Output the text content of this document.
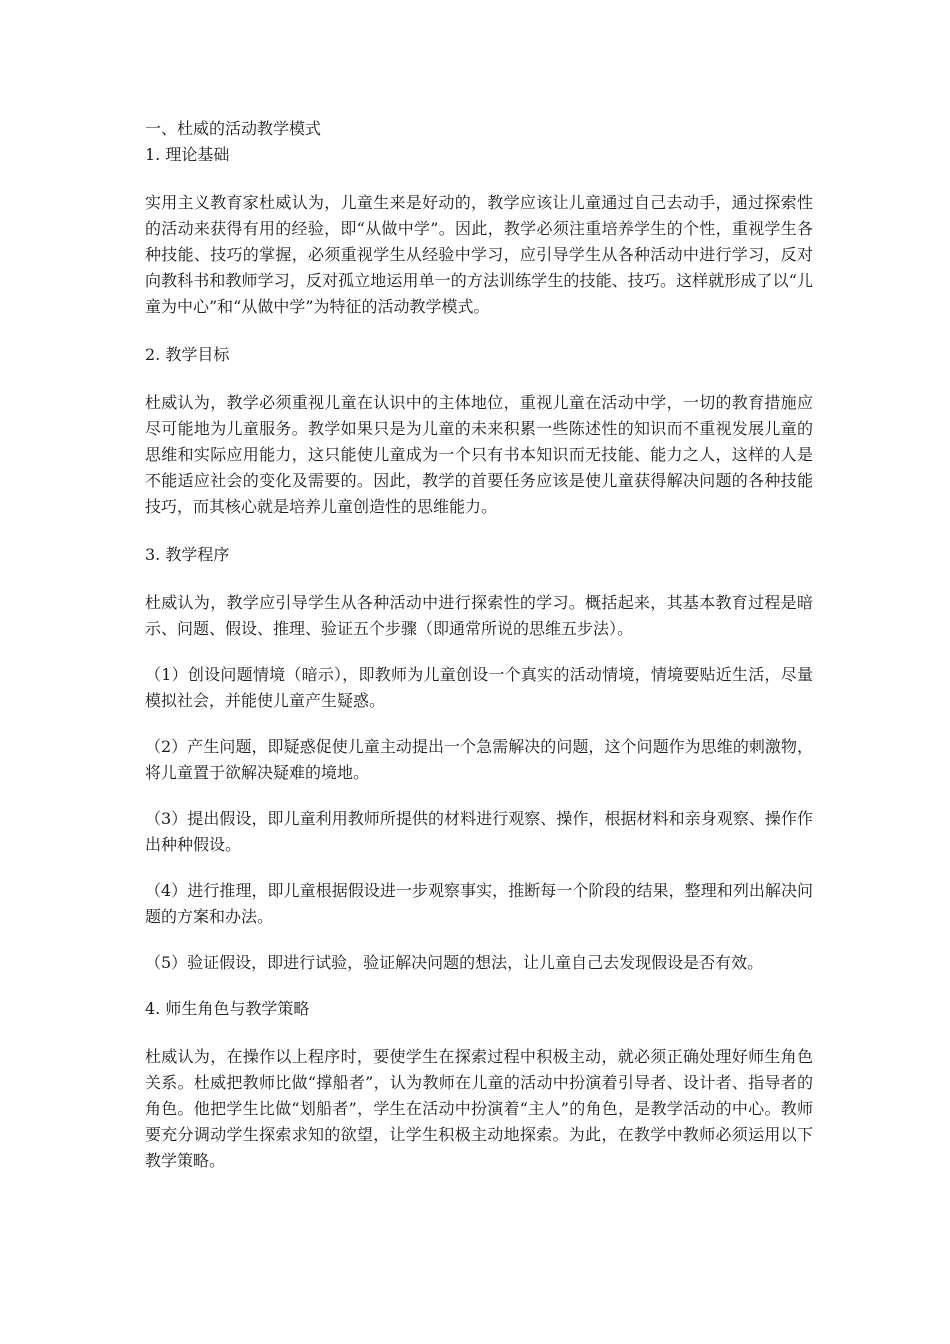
一、杜威的活动教学模式

1. 理论基础

实用主义教育家杜威认为，儿童生来是好动的，教学应该让儿童通过自己去动手，通过探索性的活动来获得有用的经验，即“从做中学”。因此，教学必须注重培养学生的个性，重视学生各种技能、技巧的掌握，必须重视学生从经验中学习，应引导学生从各种活动中进行学习，反对向教科书和教师学习，反对孤立地运用单一的方法训练学生的技能、技巧。这样就形成了以“儿童为中心”和“从做中学”为特征的活动教学模式。

2. 教学目标

杜威认为，教学必须重视儿童在认识中的主体地位，重视儿童在活动中学，一切的教育措施应尽可能地为儿童服务。教学如果只是为儿童的未来积累一些陈述性的知识而不重视发展儿童的思维和实际应用能力，这只能使儿童成为一个只有书本知识而无技能、能力之人，这样的人是不能适应社会的变化及需要的。因此，教学的首要任务应该是使儿童获得解决问题的各种技能技巧，而其核心就是培养儿童创造性的思维能力。

3. 教学程序

杜威认为，教学应引导学生从各种活动中进行探索性的学习。概括起来，其基本教育过程是暗示、问题、假设、推理、验证五个步骤（即通常所说的思维五步法）。

（1）创设问题情境（暗示），即教师为儿童创设一个真实的活动情境，情境要贴近生活，尽量模拟社会，并能使儿童产生疑惑。

（2）产生问题，即疑惑促使儿童主动提出一个急需解决的问题，这个问题作为思维的刺激物，将儿童置于欲解决疑难的境地。

（3）提出假设，即儿童利用教师所提供的材料进行观察、操作，根据材料和亲身观察、操作作出种种假设。

（4）进行推理，即儿童根据假设进一步观察事实，推断每一个阶段的结果，整理和列出解决问题的方案和办法。

（5）验证假设，即进行试验，验证解决问题的想法，让儿童自己去发现假设是否有效。

4. 师生角色与教学策略

杜威认为，在操作以上程序时，要使学生在探索过程中积极主动，就必须正确处理好师生角色关系。杜威把教师比做“撑船者”，认为教师在儿童的活动中扮演着引导者、设计者、指导者的角色。他把学生比做“划船者”，学生在活动中扮演着“主人”的角色，是教学活动的中心。教师要充分调动学生探索求知的欲望，让学生积极主动地探索。为此，在教学中教师必须运用以下教学策略。
